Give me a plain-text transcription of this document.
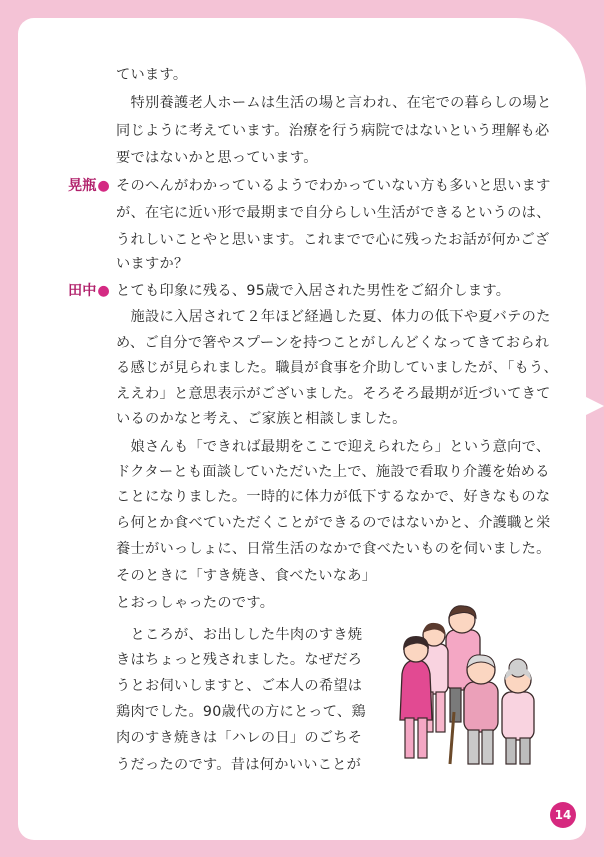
晃瓶●
田中●
ています。
　特別養護老人ホームは生活の場と言われ、在宅での暮らしの場と
同じように考えています。治療を行う病院ではないという理解も必
要ではないかと思っています。
そのへんがわかっているようでわかっていない方も多いと思います
が、在宅に近い形で最期まで自分らしい生活ができるというのは、
うれしいことやと思います。これまでで心に残ったお話が何かござ
いますか？
とても印象に残る、95歳で入居された男性をご紹介します。
　施設に入居されて２年ほど経過した夏、体力の低下や夏バテのた
め、ご自分で箸やスプーンを持つことがしんどくなってきておられ
る感じが見られました。職員が食事を介助していましたが、「もう、
ええわ」と意思表示がございました。そろそろ最期が近づいてきて
いるのかなと考え、ご家族と相談しました。
　娘さんも「できれば最期をここで迎えられたら」という意向で、
ドクターとも面談していただいた上で、施設で看取り介護を始める
ことになりました。一時的に体力が低下するなかで、好きなものな
ら何とか食べていただくことができるのではないかと、介護職と栄
養士がいっしょに、日常生活のなかで食べたいものを伺いました。
そのときに「すき焼き、食べたいなあ」
とおっしゃったのです。
　ところが、お出しした牛肉のすき焼
きはちょっと残されました。なぜだろ
うとお伺いしますと、ご本人の希望は
鶏肉でした。90歳代の方にとって、鶏
肉のすき焼きは「ハレの日」のごちそ
うだったのです。昔は何かいいことが
14
